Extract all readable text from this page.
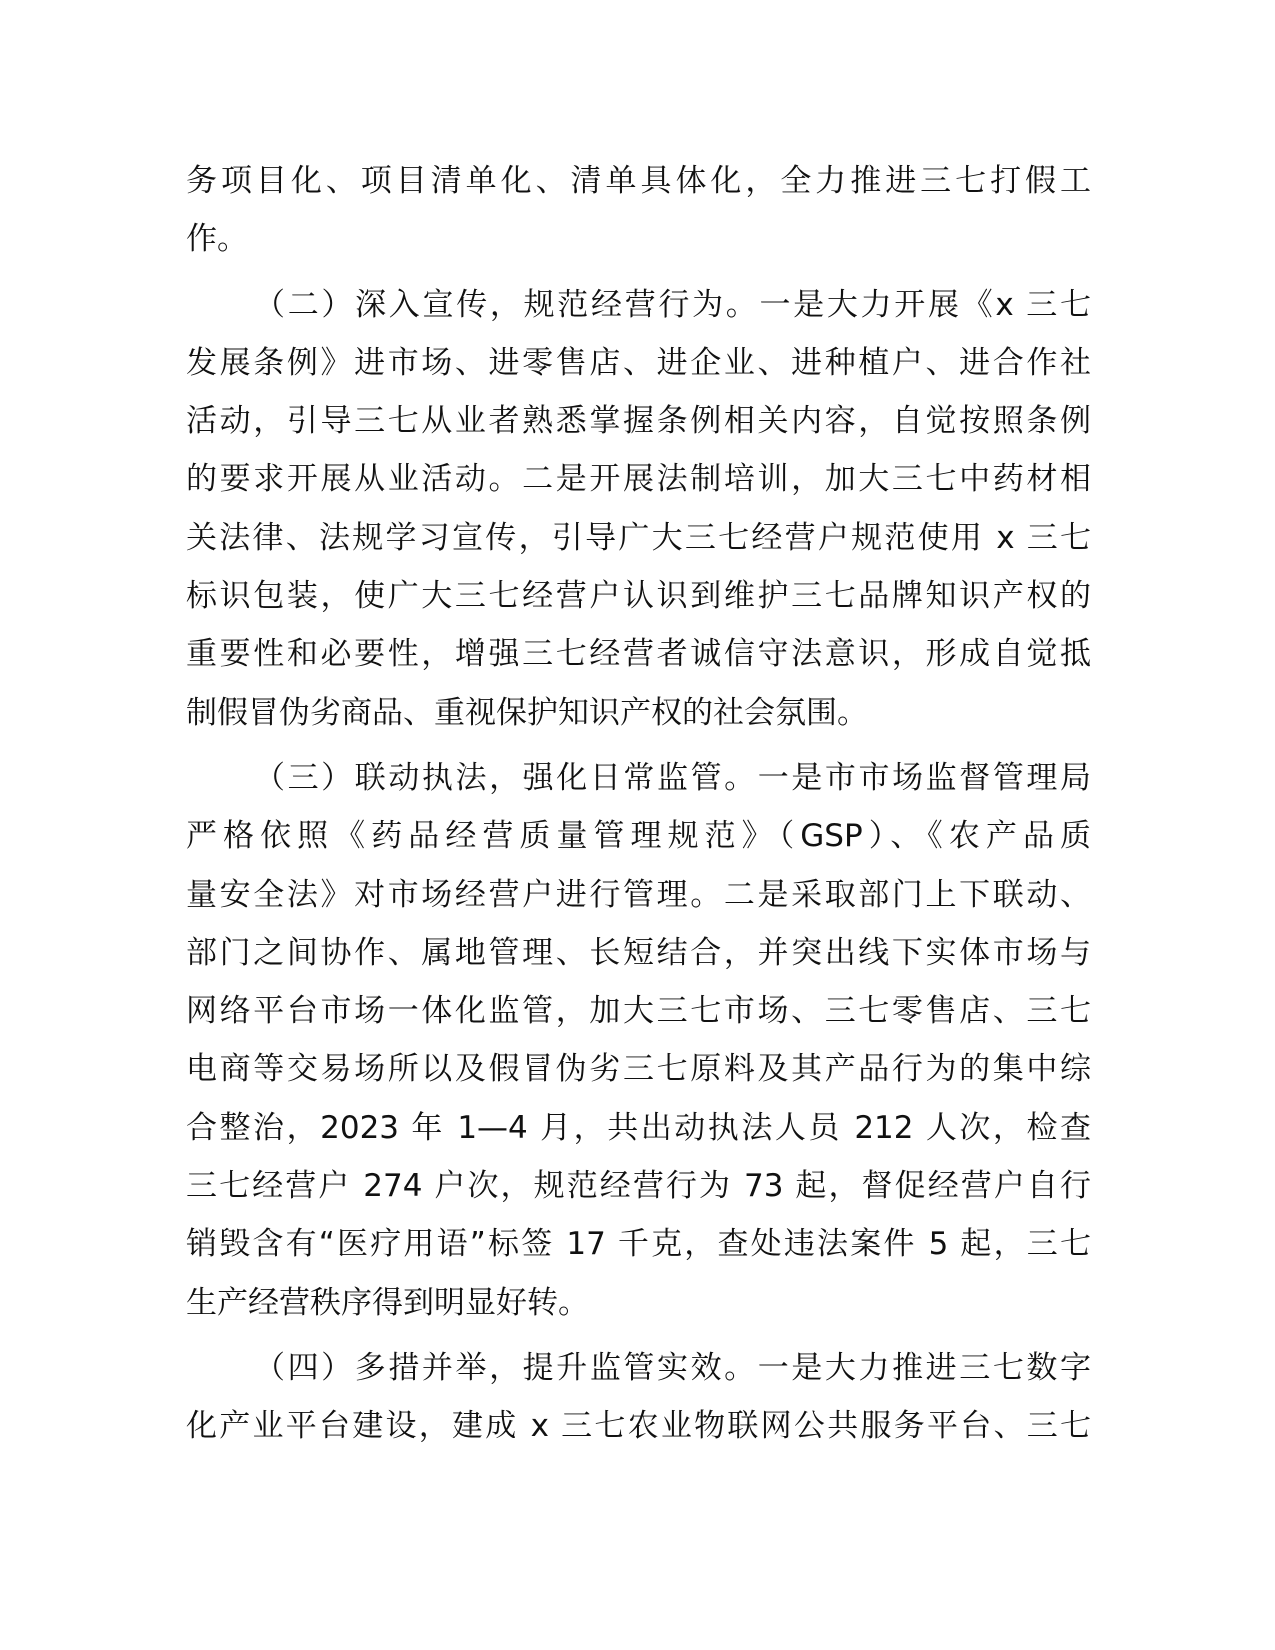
务项目化、项目清单化、清单具体化，全力推进三七打假工
作。
（二）深入宣传，规范经营行为。一是大力开展《x 三七
发展条例》进市场、进零售店、进企业、进种植户、进合作社
活动，引导三七从业者熟悉掌握条例相关内容，自觉按照条例
的要求开展从业活动。二是开展法制培训，加大三七中药材相
关法律、法规学习宣传，引导广大三七经营户规范使用 x 三七
标识包装，使广大三七经营户认识到维护三七品牌知识产权的
重要性和必要性，增强三七经营者诚信守法意识，形成自觉抵
制假冒伪劣商品、重视保护知识产权的社会氛围。
（三）联动执法，强化日常监管。一是市市场监督管理局
严格依照《药品经营质量管理规范》（GSP）、《农产品质
量安全法》对市场经营户进行管理。二是采取部门上下联动、
部门之间协作、属地管理、长短结合，并突出线下实体市场与
网络平台市场一体化监管，加大三七市场、三七零售店、三七
电商等交易场所以及假冒伪劣三七原料及其产品行为的集中综
合整治，2023 年 1—4 月，共出动执法人员 212 人次，检查
三七经营户 274 户次，规范经营行为 73 起，督促经营户自行
销毁含有“医疗用语”标签 17 千克，查处违法案件 5 起，三七
生产经营秩序得到明显好转。
（四）多措并举，提升监管实效。一是大力推进三七数字
化产业平台建设，建成 x 三七农业物联网公共服务平台、三七
